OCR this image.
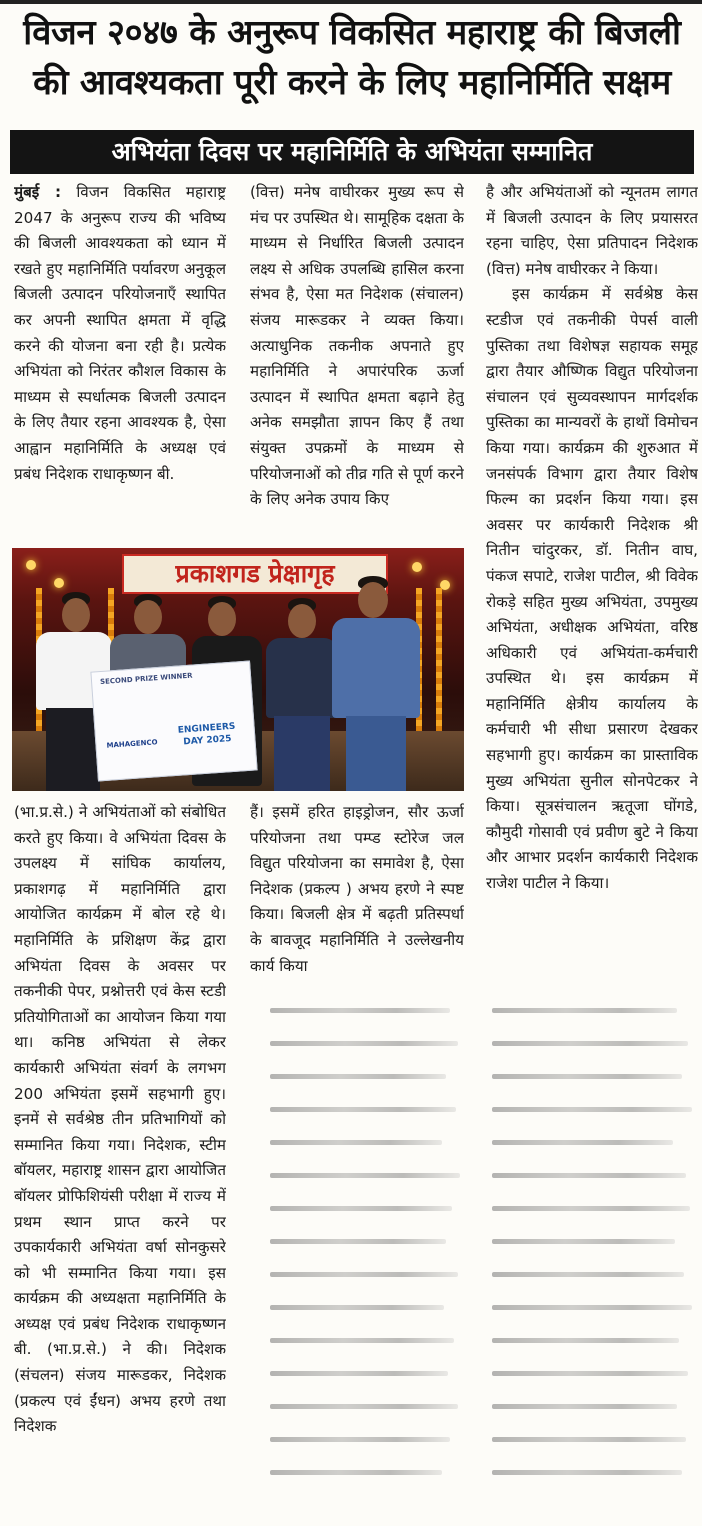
विजन २०४७ के अनुरूप विकसित महाराष्ट्र की बिजली
की आवश्यकता पूरी करने के लिए महानिर्मिति सक्षम
अभियंता दिवस पर महानिर्मिति के अभियंता सम्मानित

मुंबई : विजन विकसित महाराष्ट्र 2047 के अनुरूप राज्य की भविष्य की बिजली आवश्यकता को ध्यान में रखते हुए महानिर्मिति पर्यावरण अनुकूल बिजली उत्पादन परियोजनाएँ स्थापित कर अपनी स्थापित क्षमता में वृद्धि करने की योजना बना रही है। प्रत्येक अभियंता को निरंतर कौशल विकास के माध्यम से स्पर्धात्मक बिजली उत्पादन के लिए तैयार रहना आवश्यक है, ऐसा आह्वान महानिर्मिति के अध्यक्ष एवं प्रबंध निदेशक राधाकृष्णन बी.

(वित्त) मनेष वाघीरकर मुख्य रूप से मंच पर उपस्थित थे। सामूहिक दक्षता के माध्यम से निर्धारित बिजली उत्पादन लक्ष्य से अधिक उपलब्धि हासिल करना संभव है, ऐसा मत निदेशक (संचालन) संजय मारूडकर ने व्यक्त किया। अत्याधुनिक तकनीक अपनाते हुए महानिर्मिति ने अपारंपरिक ऊर्जा उत्पादन में स्थापित क्षमता बढ़ाने हेतु अनेक समझौता ज्ञापन किए हैं तथा संयुक्त उपक्रमों के माध्यम से परियोजनाओं को तीव्र गति से पूर्ण करने के लिए अनेक उपाय किए

है और अभियंताओं को न्यूनतम लागत में बिजली उत्पादन के लिए प्रयासरत रहना चाहिए, ऐसा प्रतिपादन निदेशक (वित्त) मनेष वाघीरकर ने किया।

इस कार्यक्रम में सर्वश्रेष्ठ केस स्टडीज एवं तकनीकी पेपर्स वाली पुस्तिका तथा विशेषज्ञ सहायक समूह द्वारा तैयार औष्णिक विद्युत परियोजना संचालन एवं सुव्यवस्थापन मार्गदर्शक पुस्तिका का मान्यवरों के हाथों विमोचन किया गया। कार्यक्रम की शुरुआत में जनसंपर्क विभाग द्वारा तैयार विशेष फिल्म का प्रदर्शन किया गया। इस अवसर पर कार्यकारी निदेशक श्री नितीन चांदुरकर, डॉ. नितीन वाघ, पंकज सपाटे, राजेश पाटील, श्री विवेक रोकड़े सहित मुख्य अभियंता, उपमुख्य अभियंता, अधीक्षक अभियंता, वरिष्ठ अधिकारी एवं अभियंता-कर्मचारी उपस्थित थे। इस कार्यक्रम में महानिर्मिति क्षेत्रीय कार्यालय के कर्मचारी भी सीधा प्रसारण देखकर सहभागी हुए। कार्यक्रम का प्रास्ताविक मुख्य अभियंता सुनील सोनपेटकर ने किया। सूत्रसंचालन ऋतूजा घोंगडे, कौमुदी गोसावी एवं प्रवीण बुटे ने किया और आभार प्रदर्शन कार्यकारी निदेशक राजेश पाटील ने किया।

प्रकाशगड प्रेक्षागृह
SECOND PRIZE WINNER
ENGINEERS DAY 2025
MAHAGENCO

(भा.प्र.से.) ने अभियंताओं को संबोधित करते हुए किया। वे अभियंता दिवस के उपलक्ष्य में सांघिक कार्यालय, प्रकाशगढ़ में महानिर्मिति द्वारा आयोजित कार्यक्रम में बोल रहे थे। महानिर्मिति के प्रशिक्षण केंद्र द्वारा अभियंता दिवस के अवसर पर तकनीकी पेपर, प्रश्नोत्तरी एवं केस स्टडी प्रतियोगिताओं का आयोजन किया गया था। कनिष्ठ अभियंता से लेकर कार्यकारी अभियंता संवर्ग के लगभग 200 अभियंता इसमें सहभागी हुए। इनमें से सर्वश्रेष्ठ तीन प्रतिभागियों को सम्मानित किया गया। निदेशक, स्टीम बॉयलर, महाराष्ट्र शासन द्वारा आयोजित बॉयलर प्रोफिशियंसी परीक्षा में राज्य में प्रथम स्थान प्राप्त करने पर उपकार्यकारी अभियंता वर्षा सोनकुसरे को भी सम्मानित किया गया। इस कार्यक्रम की अध्यक्षता महानिर्मिति के अध्यक्ष एवं प्रबंध निदेशक राधाकृष्णन बी. (भा.प्र.से.) ने की। निदेशक (संचलन) संजय मारूडकर, निदेशक (प्रकल्प एवं ईंधन) अभय हरणे तथा निदेशक

हैं। इसमें हरित हाइड्रोजन, सौर ऊर्जा परियोजना तथा पम्प्ड स्टोरेज जल विद्युत परियोजना का समावेश है, ऐसा निदेशक (प्रकल्प ) अभय हरणे ने स्पष्ट किया। बिजली क्षेत्र में बढ़ती प्रतिस्पर्धा के बावजूद महानिर्मिति ने उल्लेखनीय कार्य किया
